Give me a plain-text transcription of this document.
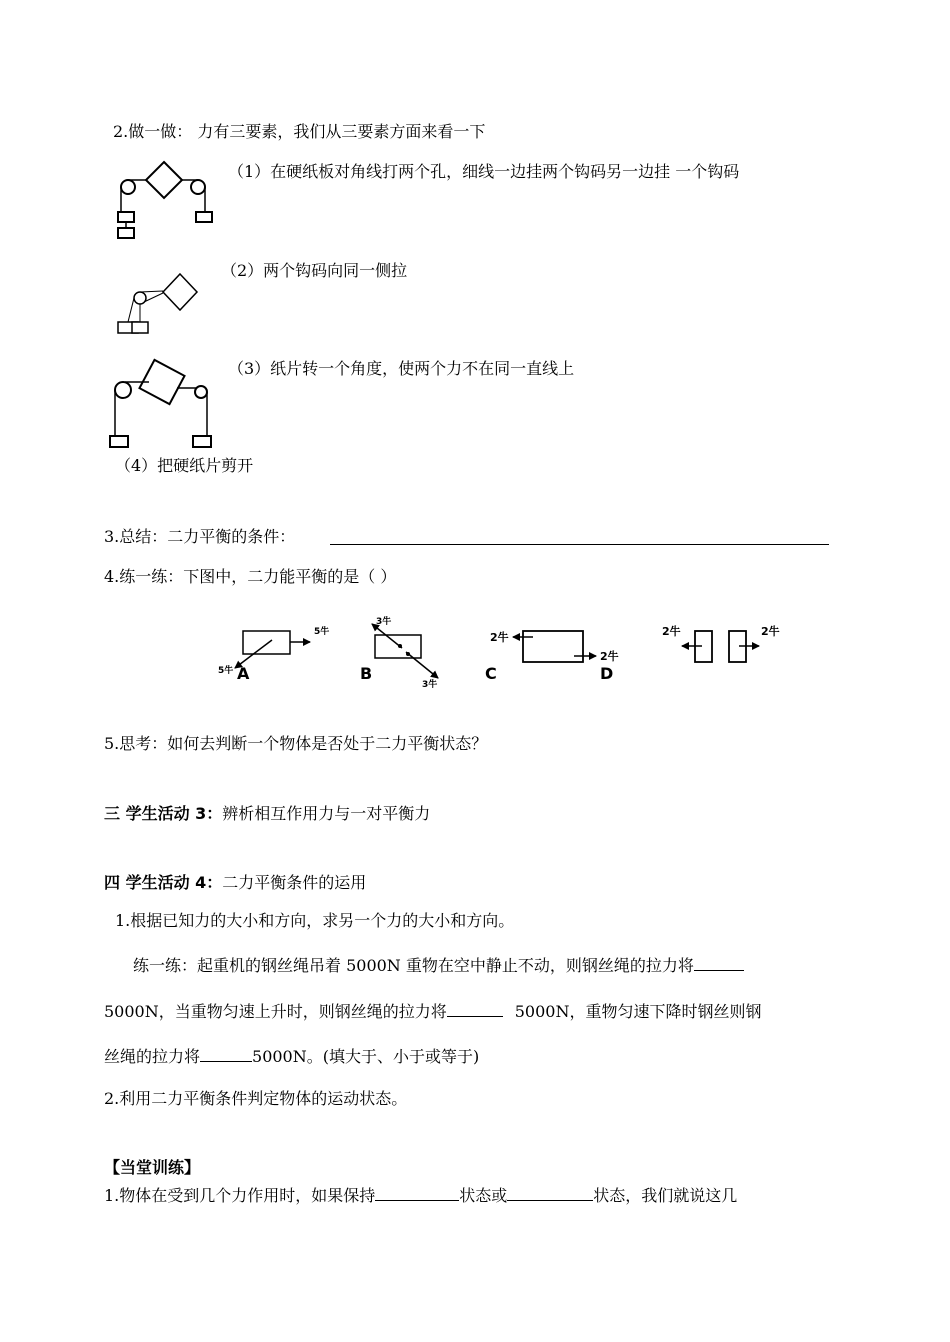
2.做一做： 力有三要素，我们从三要素方面来看一下
（1）在硬纸板对角线打两个孔，细线一边挂两个钩码另一边挂 一个钩码
（2）两个钩码向同一侧拉
（3）纸片转一个角度，使两个力不在同一直线上
（4）把硬纸片剪开
3.总结：二力平衡的条件：
4.练一练：下图中，二力能平衡的是（ ）
5牛
5牛 A
3牛
3牛
B
2牛
2牛
C	D
2牛	2牛
5.思考：如何去判断一个物体是否处于二力平衡状态？
三 学生活动 3：辨析相互作用力与一对平衡力
四 学生活动 4：二力平衡条件的运用
1.根据已知力的大小和方向，求另一个力的大小和方向。
练一练：起重机的钢丝绳吊着 5000N 重物在空中静止不动，则钢丝绳的拉力将
5000N，当重物匀速上升时，则钢丝绳的拉力将	5000N，重物匀速下降时钢丝则钢
丝绳的拉力将	5000N。(填大于、小于或等于)
2.利用二力平衡条件判定物体的运动状态。
【当堂训练】
1.物体在受到几个力作用时，如果保持	状态或	状态，我们就说这几
